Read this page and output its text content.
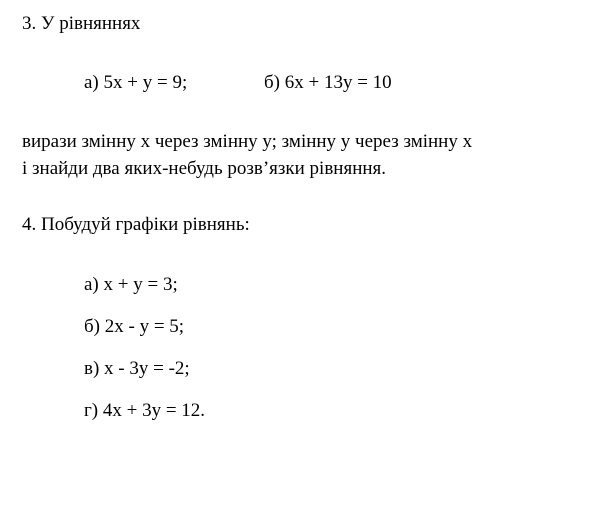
3. У рівняннях
а) 5х + у = 9;	б) 6х + 13у = 10
вирази змінну х через змінну у; змінну у через змінну х
і знайди два яких-небудь розв’язки рівняння.
4. Побудуй графіки рівнянь:
а) х + у = 3;
б) 2х - у = 5;
в) х - 3у = -2;
г) 4х + 3у = 12.
